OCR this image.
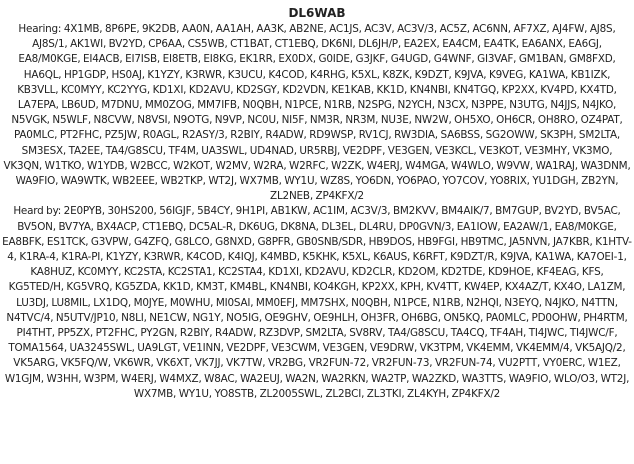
DL6WAB

Hearing: 4X1MB, 8P6PE, 9K2DB, AA0N, AA1AH, AA3K, AB2NE, AC1JS, AC3V, AC3V/3, AC5Z, AC6NN, AF7XZ, AJ4FW, AJ8S, AJ8S/1, AK1WI, BV2YD, CP6AA, CS5WB, CT1BAT, CT1EBQ, DK6NI, DL6JH/P, EA2EX, EA4CM, EA4TK, EA6ANX, EA6GJ, EA8/M0KGE, EI4ACB, EI7ISB, EI8ETB, EI8KG, EK1RR, EX0DX, G0IDE, G3JKF, G4UGD, G4WNF, GI3VAF, GM1BAN, GM8FXD, HA6QL, HP1GDP, HS0AJ, K1YZY, K3RWR, K3UCU, K4COD, K4RHG, K5XL, K8ZK, K9DZT, K9JVA, K9VEG, KA1WA, KB1IZK, KB3VLL, KC0MYY, KC2YYG, KD1XI, KD2AVU, KD2SGY, KD2VDN, KE1KAB, KK1D, KN4NBI, KN4TGQ, KP2XX, KV4PD, KX4TD, LA7EPA, LB6UD, M7DNU, MM0ZOG, MM7IFB, N0QBH, N1PCE, N1RB, N2SPG, N2YCH, N3CX, N3PPE, N3UTG, N4JJS, N4JKO, N5VGK, N5WLF, N8CVW, N8VSI, N9OTG, N9VP, NC0U, NI5F, NM3R, NR3M, NU3E, NW2W, OH5XO, OH6CR, OH8RO, OZ4PAT, PA0MLC, PT2FHC, PZ5JW, R0AGL, R2ASY/3, R2BIY, R4ADW, RD9WSP, RV1CJ, RW3DIA, SA6BSS, SG2OWW, SK3PH, SM2LTA, SM3ESX, TA2EE, TA4/G8SCU, TF4M, UA3SWL, UD4NAD, UR5RBJ, VE2DPF, VE3GEN, VE3KCL, VE3KOT, VE3MHY, VK3MO, VK3QN, W1TKO, W1YDB, W2BCC, W2KOT, W2MV, W2RA, W2RFC, W2ZK, W4ERJ, W4MGA, W4WLO, W9VW, WA1RAJ, WA3DNM, WA9FIO, WA9WTK, WB2EEE, WB2TKP, WT2J, WX7MB, WY1U, WZ8S, YO6DN, YO6PAO, YO7COV, YO8RIX, YU1DGH, ZB2YN, ZL2NEB, ZP4KFX/2

Heard by: 2E0PYB, 30HS200, 56IGJF, 5B4CY, 9H1PI, AB1KW, AC1IM, AC3V/3, BM2KVV, BM4AIK/7, BM7GUP, BV2YD, BV5AC, BV5ON, BV7YA, BX4ACP, CT1EBQ, DC5AL-R, DK6UG, DK8NA, DL3EL, DL4RU, DP0GVN/3, EA1IOW, EA2AW/1, EA8/M0KGE, EA8BFK, ES1TCK, G3VPW, G4ZFQ, G8LCO, G8NXD, G8PFR, GB0SNB/SDR, HB9DOS, HB9FGI, HB9TMC, JA5NVN, JA7KBR, K1HTV-4, K1RA-4, K1RA-PI, K1YZY, K3RWR, K4COD, K4IQJ, K4MBD, K5KHK, K5XL, K6AUS, K6RFT, K9DZT/R, K9JVA, KA1WA, KA7OEI-1, KA8HUZ, KC0MYY, KC2STA, KC2STA1, KC2STA4, KD1XI, KD2AVU, KD2CLR, KD2OM, KD2TDE, KD9HOE, KF4EAG, KFS, KG5TED/H, KG5VRQ, KG5ZDA, KK1D, KM3T, KM4BL, KN4NBI, KO4KGH, KP2XX, KPH, KV4TT, KW4EP, KX4AZ/T, KX4O, LA1ZM, LU3DJ, LU8MIL, LX1DQ, M0JYE, M0WHU, MI0SAI, MM0EFJ, MM7SHX, N0QBH, N1PCE, N1RB, N2HQI, N3EYQ, N4JKO, N4TTN, N4TVC/4, N5UTV/JP10, N8LI, NE1CW, NG1Y, NO5IG, OE9GHV, OE9HLH, OH3FR, OH6BG, ON5KQ, PA0MLC, PD0OHW, PH4RTM, PI4THT, PP5ZX, PT2FHC, PY2GN, R2BIY, R4ADW, RZ3DVP, SM2LTA, SV8RV, TA4/G8SCU, TA4CQ, TF4AH, TI4JWC, TI4JWC/F, TOMA1564, UA3245SWL, UA9LGT, VE1INN, VE2DPF, VE3CWM, VE3GEN, VE9DRW, VK3TPM, VK4EMM, VK4EMM/4, VK5AJQ/2, VK5ARG, VK5FQ/W, VK6WR, VK6XT, VK7JJ, VK7TW, VR2BG, VR2FUN-72, VR2FUN-73, VR2FUN-74, VU2PTT, VY0ERC, W1EZ, W1GJM, W3HH, W3PM, W4ERJ, W4MXZ, W8AC, WA2EUJ, WA2N, WA2RKN, WA2TP, WA2ZKD, WA3TTS, WA9FIO, WLO/O3, WT2J, WX7MB, WY1U, YO8STB, ZL2005SWL, ZL2BCI, ZL3TKI, ZL4KYH, ZP4KFX/2
